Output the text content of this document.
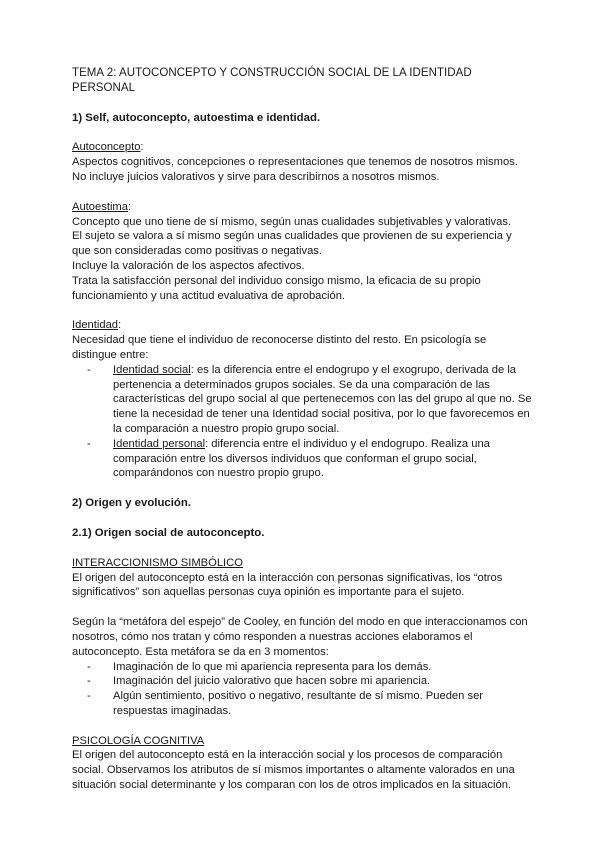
TEMA 2: AUTOCONCEPTO Y CONSTRUCCIÓN SOCIAL DE LA IDENTIDAD PERSONAL

1) Self, autoconcepto, autoestima e identidad.

Autoconcepto:

Aspectos cognitivos, concepciones o representaciones que tenemos de nosotros mismos.

No incluye juicios valorativos y sirve para describirnos a nosotros mismos.

Autoestima:

Concepto que uno tiene de sí mismo, según unas cualidades subjetivables y valorativas.

El sujeto se valora a sí mismo según unas cualidades que provienen de su experiencia y que son consideradas como positivas o negativas.

Incluye la valoración de los aspectos afectivos.

Trata la satisfacción personal del individuo consigo mismo, la eficacia de su propio funcionamiento y una actitud evaluativa de aprobación.

Identidad:

Necesidad que tiene el individuo de reconocerse distinto del resto. En psicología se distingue entre:

- Identidad social: es la diferencia entre el endogrupo y el exogrupo, derivada de la pertenencia a determinados grupos sociales. Se da una comparación de las características del grupo social al que pertenecemos con las del grupo al que no. Se tiene la necesidad de tener una Identidad social positiva, por lo que favorecemos en la comparación a nuestro propio grupo social.
- Identidad personal: diferencia entre el individuo y el endogrupo. Realiza una comparación entre los diversos individuos que conforman el grupo social, comparándonos con nuestro propio grupo.

2) Origen y evolución.

2.1) Origen social de autoconcepto.

INTERACCIONISMO SIMBÓLICO

El origen del autoconcepto está en la interacción con personas significativas, los “otros significativos” son aquellas personas cuya opinión es importante para el sujeto.

Según la “metáfora del espejo” de Cooley, en función del modo en que interaccionamos con nosotros, cómo nos tratan y cómo responden a nuestras acciones elaboramos el autoconcepto. Esta metáfora se da en 3 momentos:

- Imaginación de lo que mi apariencia representa para los demás.
- Imaginación del juicio valorativo que hacen sobre mi apariencia.
- Algún sentimiento, positivo o negativo, resultante de sí mismo. Pueden ser respuestas imaginadas.

PSICOLOGÍA COGNITIVA

El origen del autoconcepto está en la interacción social y los procesos de comparación social. Observamos los atributos de sí mismos importantes o altamente valorados en una situación social determinante y los comparan con los de otros implicados en la situación.
